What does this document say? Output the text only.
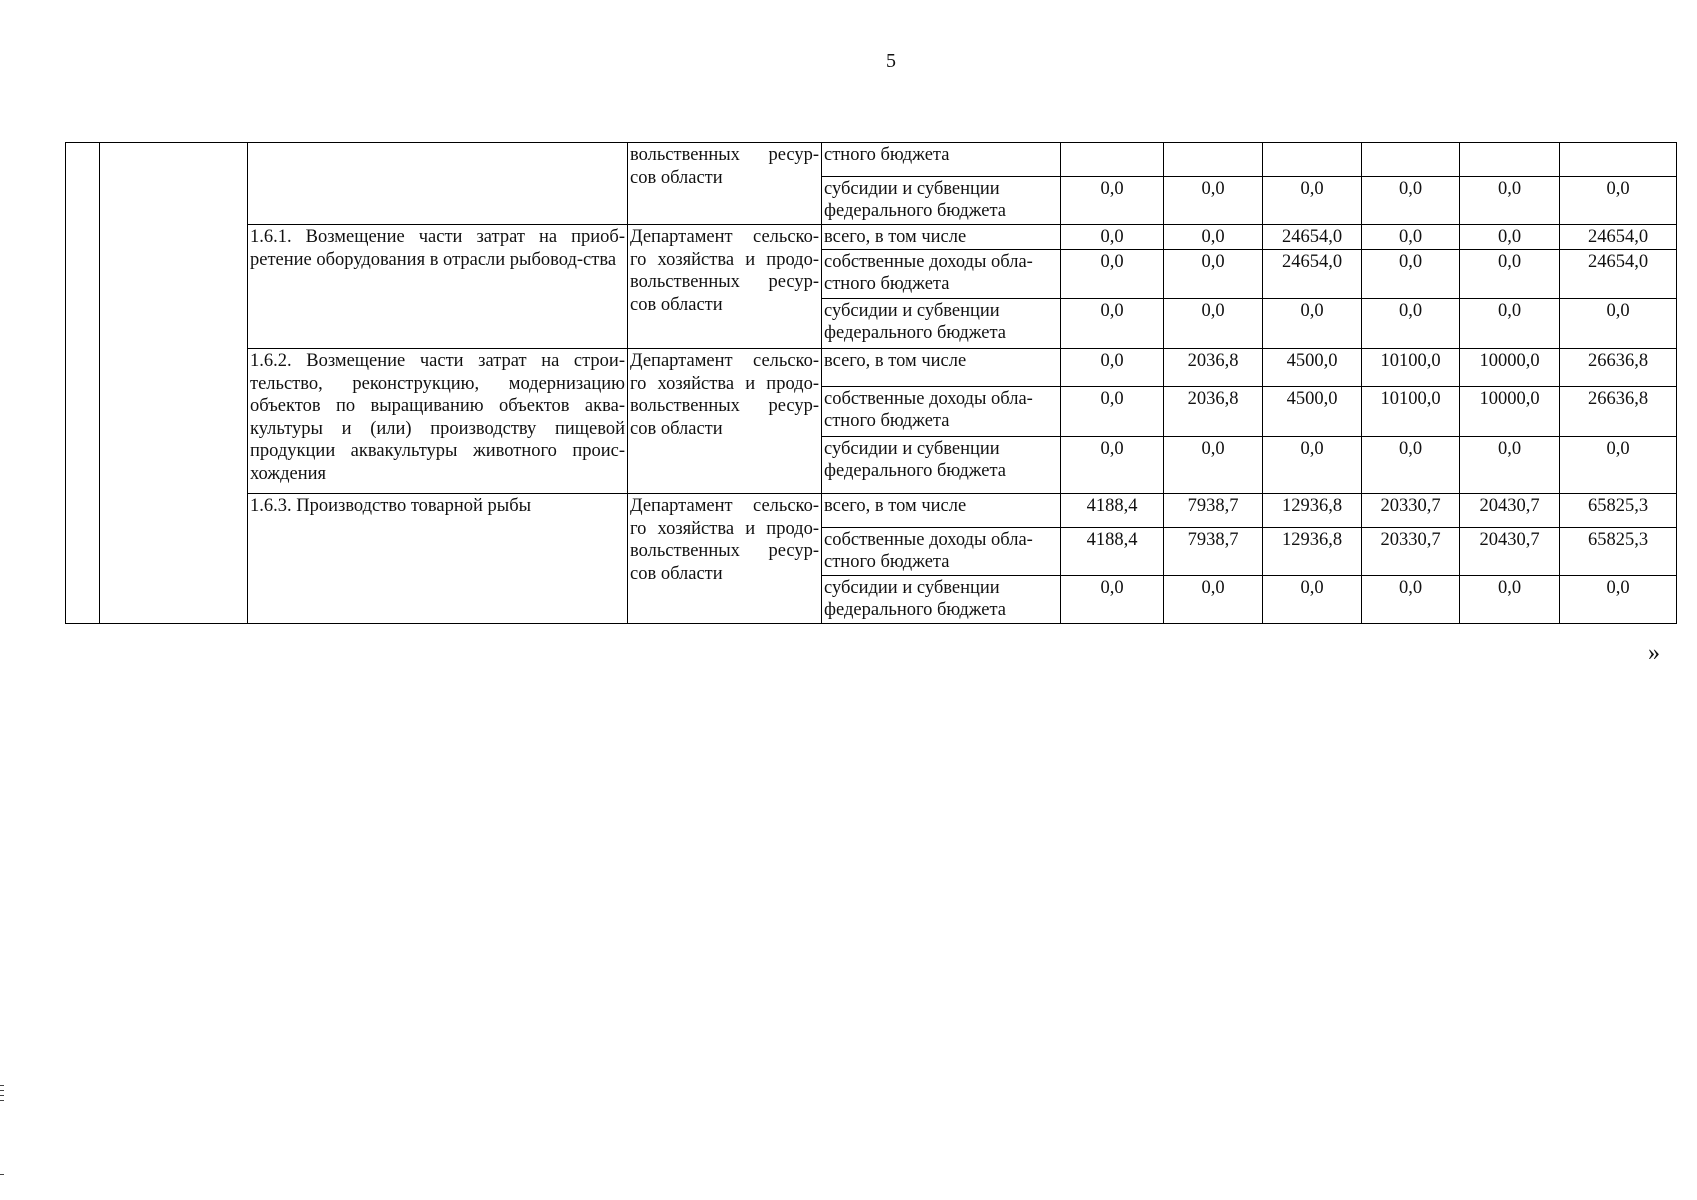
5
			вольственных ресур-сов области	стного бюджета						
				субсидии и субвенции федерального бюджета	0,0	0,0	0,0	0,0	0,0	0,0
		1.6.1. Возмещение части затрат на приоб-ретение оборудования в отрасли рыбовод-ства	Департамент сельско-го хозяйства и продо-вольственных ресур-сов области	всего, в том числе	0,0	0,0	24654,0	0,0	0,0	24654,0
				собственные доходы обла-стного бюджета	0,0	0,0	24654,0	0,0	0,0	24654,0
				субсидии и субвенции федерального бюджета	0,0	0,0	0,0	0,0	0,0	0,0
		1.6.2. Возмещение части затрат на строи-тельство, реконструкцию, модернизацию объектов по выращиванию объектов аква-культуры и (или) производству пищевой продукции аквакультуры животного проис-хождения	Департамент сельско-го хозяйства и продо-вольственных ресур-сов области	всего, в том числе	0,0	2036,8	4500,0	10100,0	10000,0	26636,8
				собственные доходы обла-стного бюджета	0,0	2036,8	4500,0	10100,0	10000,0	26636,8
				субсидии и субвенции федерального бюджета	0,0	0,0	0,0	0,0	0,0	0,0
		1.6.3. Производство товарной рыбы	Департамент сельско-го хозяйства и продо-вольственных ресур-сов области	всего, в том числе	4188,4	7938,7	12936,8	20330,7	20430,7	65825,3
				собственные доходы обла-стного бюджета	4188,4	7938,7	12936,8	20330,7	20430,7	65825,3
				субсидии и субвенции федерального бюджета	0,0	0,0	0,0	0,0	0,0	0,0
»
